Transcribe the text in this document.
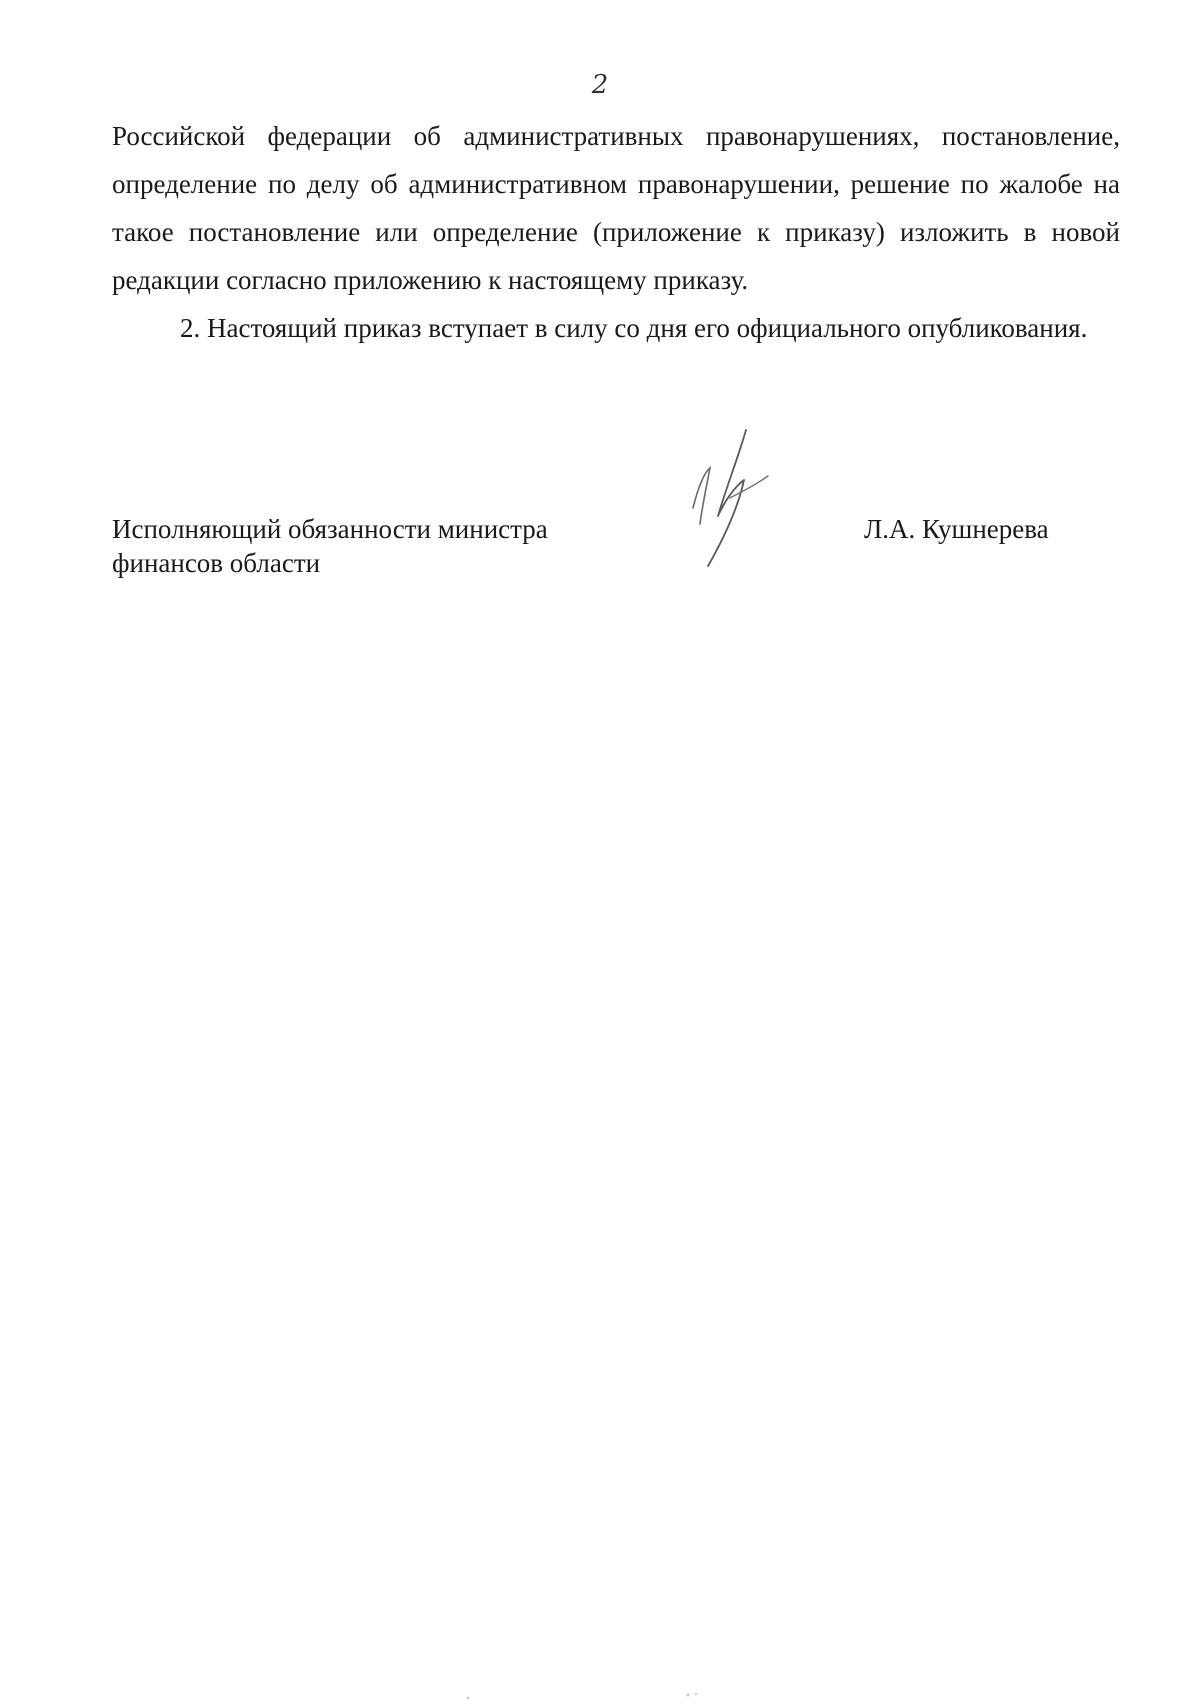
2

Российской федерации об административных правонарушениях, постановление, определение по делу об административном правонарушении, решение по жалобе на такое постановление или определение (приложение к приказу) изложить в новой редакции согласно приложению к настоящему приказу.

2. Настоящий приказ вступает в силу со дня его официального опубликования.

Исполняющий обязанности министра
финансов области
Л.А. Кушнерева
